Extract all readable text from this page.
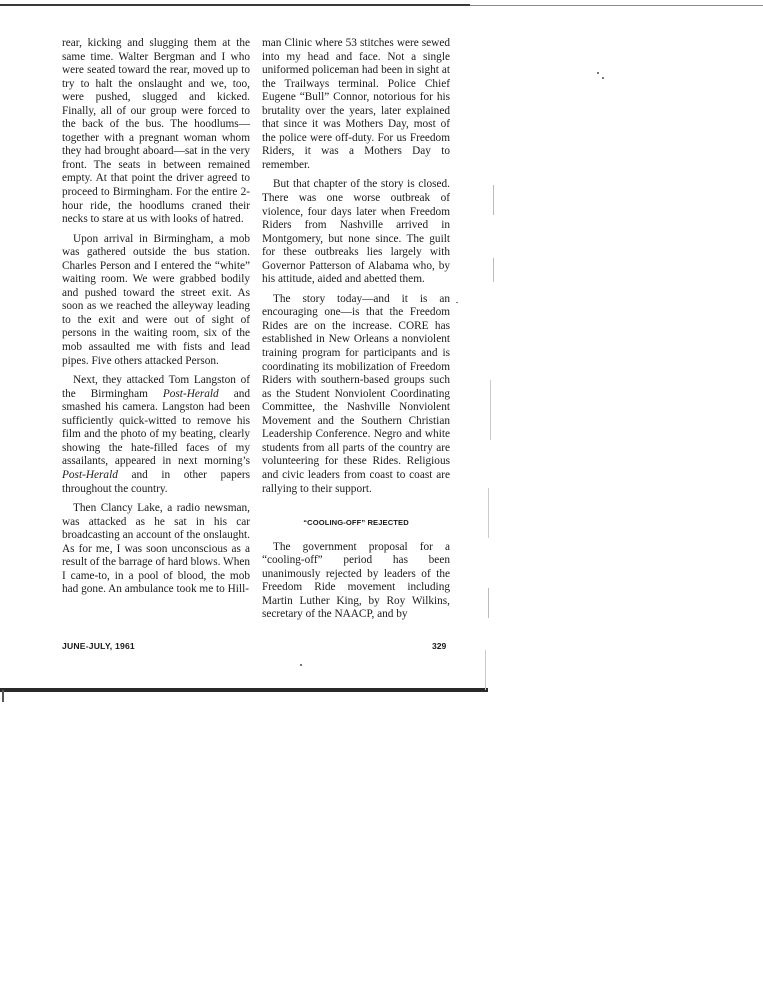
rear, kicking and slugging them at the same time. Walter Bergman and I who were seated toward the rear, moved up to try to halt the onslaught and we, too, were pushed, slugged and kicked. Finally, all of our group were forced to the back of the bus. The hoodlums—together with a pregnant woman whom they had brought aboard—sat in the very front. The seats in between remained empty. At that point the driver agreed to proceed to Birmingham. For the entire 2-hour ride, the hoodlums craned their necks to stare at us with looks of hatred.

Upon arrival in Birmingham, a mob was gathered outside the bus station. Charles Person and I entered the “white” waiting room. We were grabbed bodily and pushed toward the street exit. As soon as we reached the alleyway leading to the exit and were out of sight of persons in the waiting room, six of the mob assaulted me with fists and lead pipes. Five others attacked Person.

Next, they attacked Tom Langston of the Birmingham Post-Herald and smashed his camera. Langston had been sufficiently quick-witted to remove his film and the photo of my beating, clearly showing the hate-filled faces of my assailants, appeared in next morning’s Post-Herald and in other papers throughout the country.

Then Clancy Lake, a radio newsman, was attacked as he sat in his car broadcasting an account of the onslaught. As for me, I was soon unconscious as a result of the barrage of hard blows. When I came-to, in a pool of blood, the mob had gone. An ambulance took me to Hill-

man Clinic where 53 stitches were sewed into my head and face. Not a single uniformed policeman had been in sight at the Trailways terminal. Police Chief Eugene “Bull” Connor, notorious for his brutality over the years, later explained that since it was Mothers Day, most of the police were off-duty. For us Freedom Riders, it was a Mothers Day to remember.

But that chapter of the story is closed. There was one worse outbreak of violence, four days later when Freedom Riders from Nashville arrived in Montgomery, but none since. The guilt for these outbreaks lies largely with Governor Patterson of Alabama who, by his attitude, aided and abetted them.

The story today—and it is an encouraging one—is that the Freedom Rides are on the increase. CORE has established in New Orleans a nonviolent training program for participants and is coordinating its mobilization of Freedom Riders with southern-based groups such as the Student Nonviolent Coordinating Committee, the Nashville Nonviolent Movement and the Southern Christian Leadership Conference. Negro and white students from all parts of the country are volunteering for these Rides. Religious and civic leaders from coast to coast are rallying to their support.

“COOLING-OFF” REJECTED

The government proposal for a “cooling-off” period has been unanimously rejected by leaders of the Freedom Ride movement including Martin Luther King, by Roy Wilkins, secretary of the NAACP, and by

JUNE-JULY, 1961	329
